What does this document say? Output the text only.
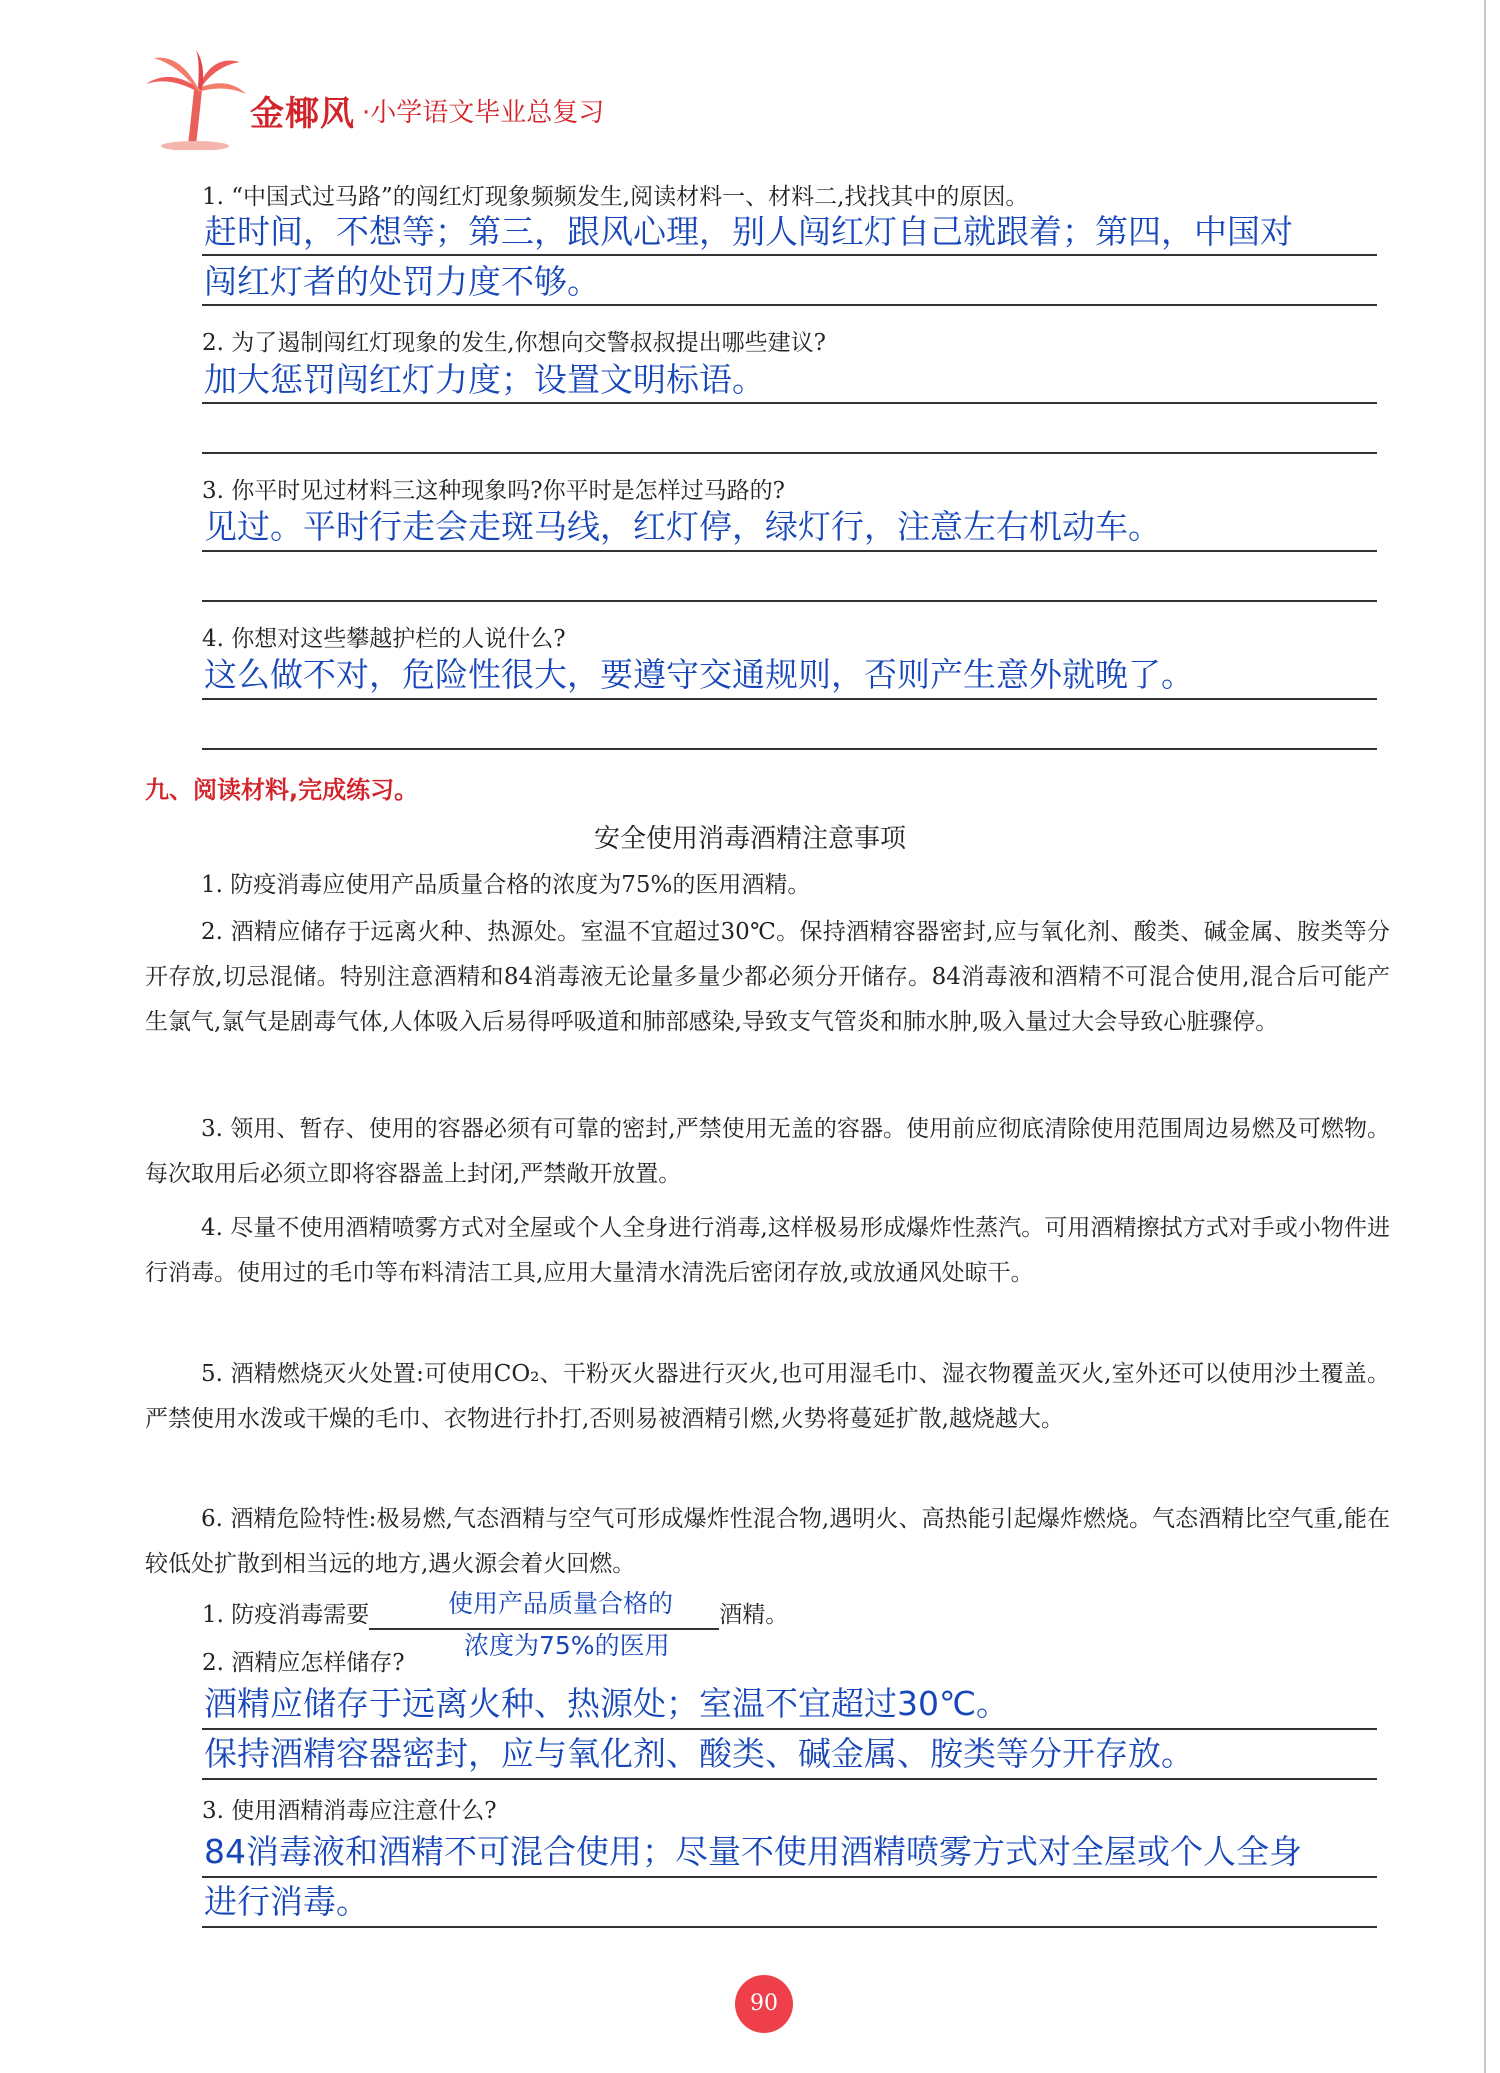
金椰风 ·小学语文毕业总复习
1. “中国式过马路”的闯红灯现象频频发生,阅读材料一、材料二,找找其中的原因。
赶时间，不想等；第三，跟风心理，别人闯红灯自己就跟着；第四，中国对
闯红灯者的处罚力度不够。
2. 为了遏制闯红灯现象的发生,你想向交警叔叔提出哪些建议?
加大惩罚闯红灯力度；设置文明标语。
3. 你平时见过材料三这种现象吗?你平时是怎样过马路的?
见过。平时行走会走斑马线，红灯停，绿灯行，注意左右机动车。
4. 你想对这些攀越护栏的人说什么?
这么做不对，危险性很大，要遵守交通规则，否则产生意外就晚了。
九、阅读材料,完成练习。
安全使用消毒酒精注意事项

1. 防疫消毒应使用产品质量合格的浓度为75%的医用酒精。

2. 酒精应储存于远离火种、热源处。室温不宜超过30℃。保持酒精容器密封,应与氧化剂、酸类、碱金属、胺类等分开存放,切忌混储。特别注意酒精和84消毒液无论量多量少都必须分开储存。84消毒液和酒精不可混合使用,混合后可能产生氯气,氯气是剧毒气体,人体吸入后易得呼吸道和肺部感染,导致支气管炎和肺水肿,吸入量过大会导致心脏骤停。

3. 领用、暂存、使用的容器必须有可靠的密封,严禁使用无盖的容器。使用前应彻底清除使用范围周边易燃及可燃物。每次取用后必须立即将容器盖上封闭,严禁敞开放置。

4. 尽量不使用酒精喷雾方式对全屋或个人全身进行消毒,这样极易形成爆炸性蒸汽。可用酒精擦拭方式对手或小物件进行消毒。使用过的毛巾等布料清洁工具,应用大量清水清洗后密闭存放,或放通风处晾干。

5. 酒精燃烧灭火处置:可使用CO₂、干粉灭火器进行灭火,也可用湿毛巾、湿衣物覆盖灭火,室外还可以使用沙土覆盖。严禁使用水泼或干燥的毛巾、衣物进行扑打,否则易被酒精引燃,火势将蔓延扩散,越烧越大。

6. 酒精危险特性:极易燃,气态酒精与空气可形成爆炸性混合物,遇明火、高热能引起爆炸燃烧。气态酒精比空气重,能在较低处扩散到相当远的地方,遇火源会着火回燃。

使用产品质量合格的
1. 防疫消毒需要	酒精。
浓度为75%的医用
2. 酒精应怎样储存?
酒精应储存于远离火种、热源处；室温不宜超过30℃。
保持酒精容器密封，应与氧化剂、酸类、碱金属、胺类等分开存放。
3. 使用酒精消毒应注意什么?
84消毒液和酒精不可混合使用；尽量不使用酒精喷雾方式对全屋或个人全身
进行消毒。
90
